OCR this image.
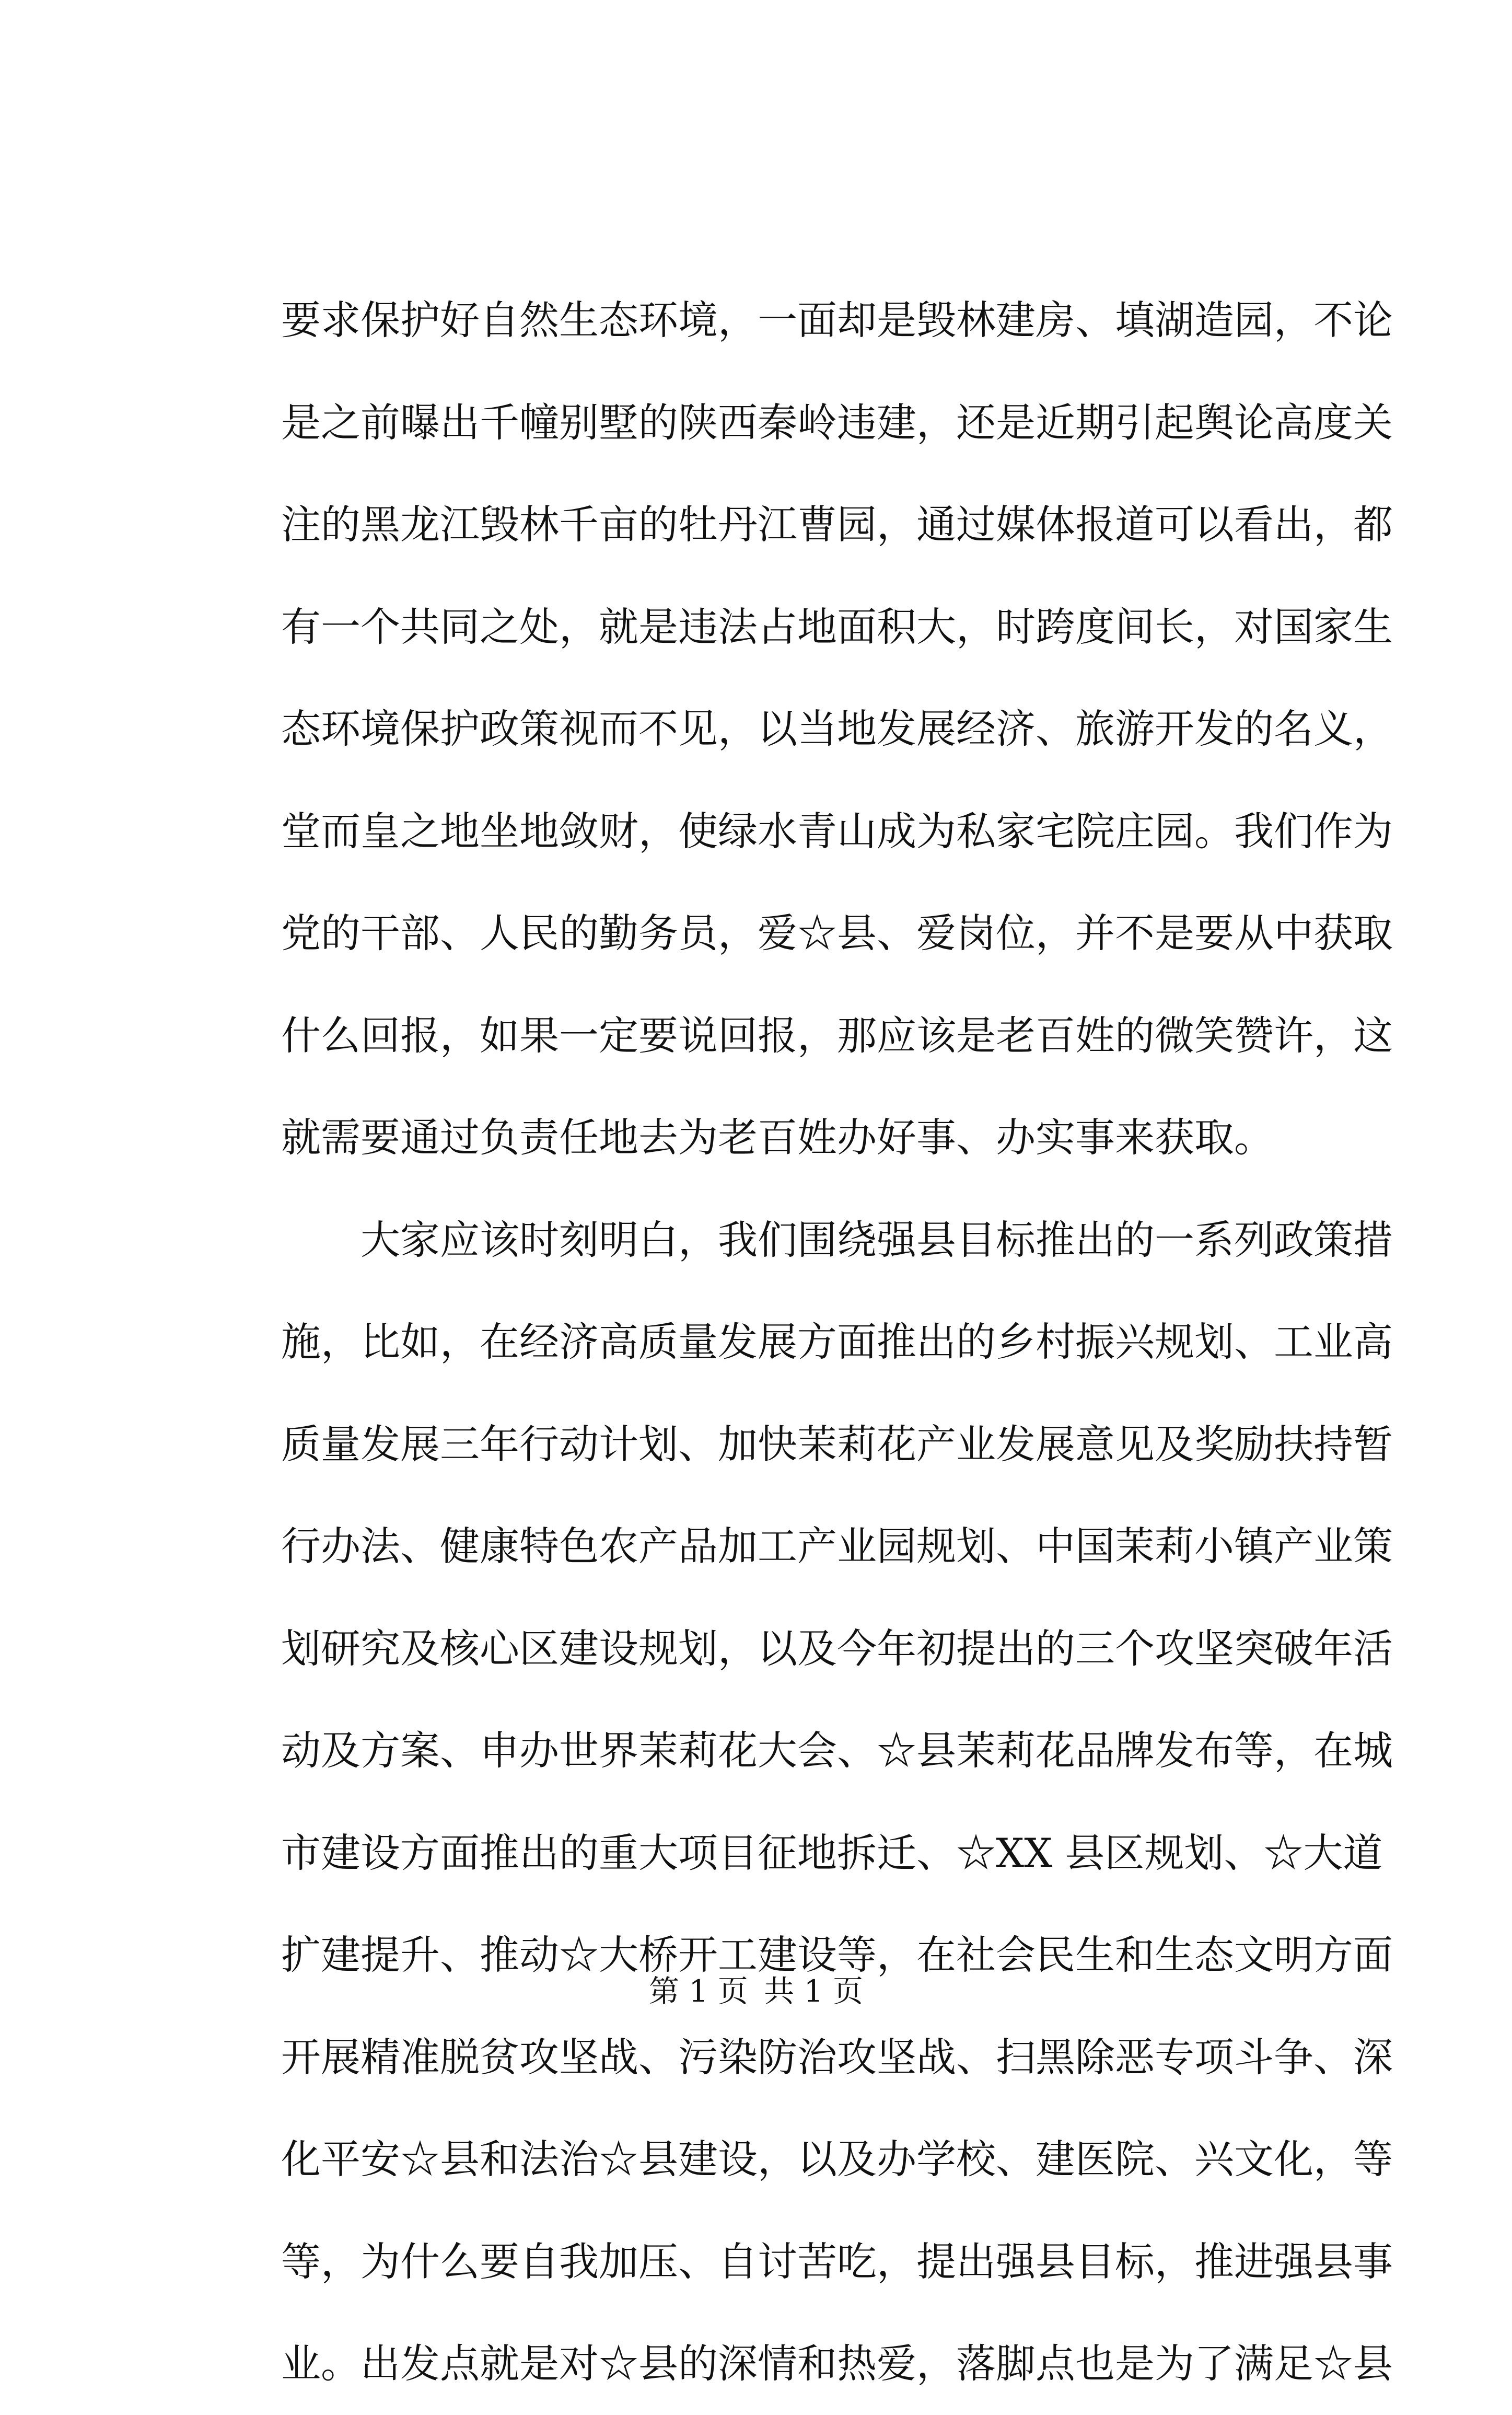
要求保护好自然生态环境，一面却是毁林建房、填湖造园，不论
是之前曝出千幢别墅的陕西秦岭违建，还是近期引起舆论高度关
注的黑龙江毁林千亩的牡丹江曹园，通过媒体报道可以看出，都
有一个共同之处，就是违法占地面积大，时跨度间长，对国家生
态环境保护政策视而不见，以当地发展经济、旅游开发的名义，
堂而皇之地坐地敛财，使绿水青山成为私家宅院庄园。我们作为
党的干部、人民的勤务员，爱☆县、爱岗位，并不是要从中获取
什么回报，如果一定要说回报，那应该是老百姓的微笑赞许，这
就需要通过负责任地去为老百姓办好事、办实事来获取。
　　大家应该时刻明白，我们围绕强县目标推出的一系列政策措
施，比如，在经济高质量发展方面推出的乡村振兴规划、工业高
质量发展三年行动计划、加快茉莉花产业发展意见及奖励扶持暂
行办法、健康特色农产品加工产业园规划、中国茉莉小镇产业策
划研究及核心区建设规划，以及今年初提出的三个攻坚突破年活
动及方案、申办世界茉莉花大会、☆县茉莉花品牌发布等，在城
市建设方面推出的重大项目征地拆迁、☆XX 县区规划、☆大道
扩建提升、推动☆大桥开工建设等，在社会民生和生态文明方面
开展精准脱贫攻坚战、污染防治攻坚战、扫黑除恶专项斗争、深
化平安☆县和法治☆县建设，以及办学校、建医院、兴文化，等
等，为什么要自我加压、自讨苦吃，提出强县目标，推进强县事
业。出发点就是对☆县的深情和热爱，落脚点也是为了满足☆县
第 1 页 共 1 页
